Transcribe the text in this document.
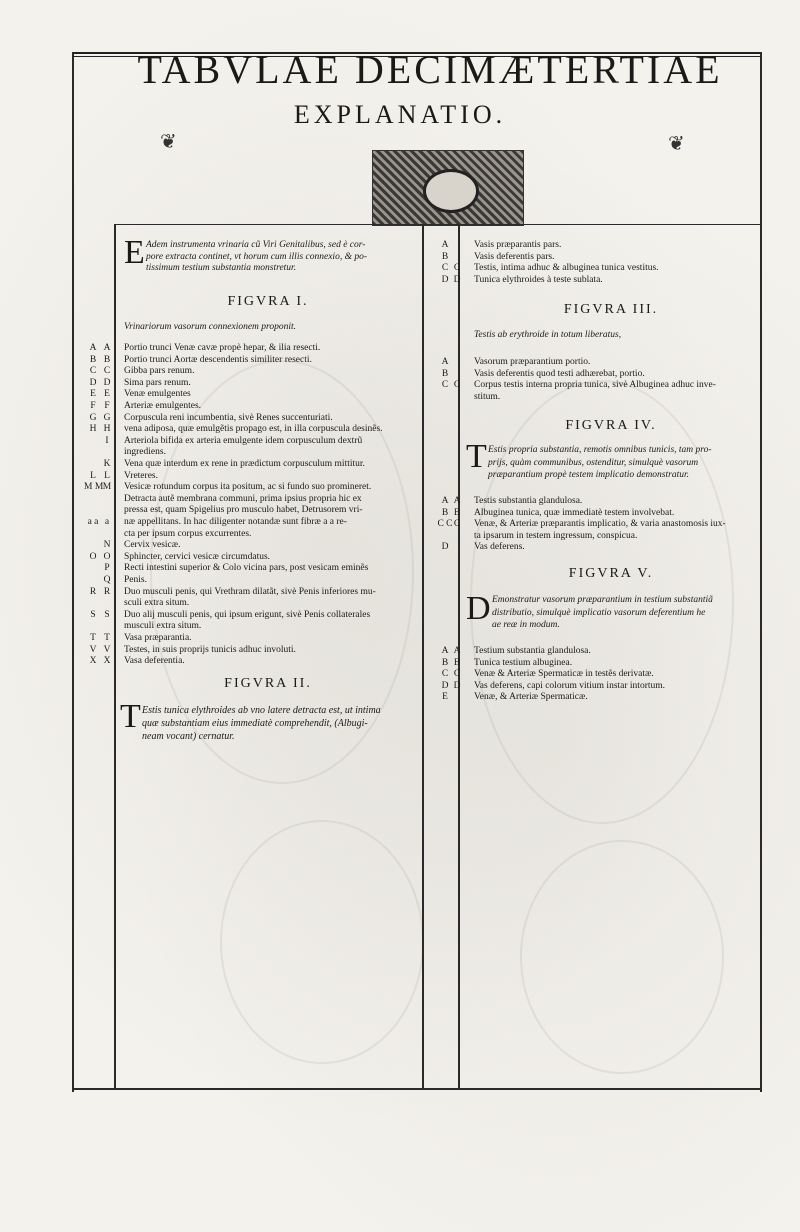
TABVLAE DECIMÆTERTIAE
EXPLANATIO.
❦	❦
E Adem instrumenta vrinaria cũ Viri Genitalibus, sed è cor-
pore extracta continet, vt horum cum illis connexio, & po-
tissimum testium substantia monstretur.
FIGVRA I.
Vrinariorum vasorum connexionem proponit.
A A	Portio trunci Venæ cavæ propè hepar, & ilia resecti.
B B	Portio trunci Aortæ descendentis similiter resecti.
C C	Gibba pars renum.
D D	Sima pars renum.
E E	Venæ emulgentes
F F	Arteriæ emulgentes.
G G	Corpuscula reni incumbentia, sivè Renes succenturiati.
H H	vena adiposa, quæ emulgẽtis propago est, in illa corpuscula desinẽs.
I	Arteriola bifida ex arteria emulgente idem corpusculum dextrũ
ingrediens.
K	Vena quæ interdum ex rene in prædictum corpusculum mittitur.
L L	Vreteres.
M M M Vesicæ rotundum corpus ita positum, ac si fundo suo promineret.
Detracta autẽ membrana communi, prima ipsius propria hic ex
pressa est, quam Spigelius pro musculo habet, Detrusorem vri-
a a a	næ appellitans. In hac diligenter notandæ sunt fibræ a a re-
cta per ipsum corpus excurrentes.
N	Cervix vesicæ.
O O	Sphincter, cervici vesicæ circumdatus.
P	Recti intestini superior & Colo vicina pars, post vesicam eminẽs
Q	Penis.
R R	Duo musculi penis, qui Vrethram dilatãt, sivè Penis inferiores mu-
sculi extra situm.
S S	Duo alij musculi penis, qui ipsum erigunt, sivè Penis collaterales
musculi extra situm.
T T	Vasa præparantia.
V V	Testes, in suis proprijs tunicis adhuc involuti.
X X	Vasa deferentia.
FIGVRA II.
T Estis tunica elythroides ab vno latere detracta est, ut intima
quæ substantiam eius immediatè comprehendit, (Albugi-
neam vocant) cernatur.
A	Vasis præparantis pars.
B	Vasis deferentis pars.
C C	Testis, intima adhuc & albuginea tunica vestitus.
D D	Tunica elythroides à teste sublata.
FIGVRA III.
Testis ab erythroide in totum liberatus,
A	Vasorum præparantium portio.
B	Vasis deferentis quod testi adhærebat, portio.
C C	Corpus testis interna propria tunica, sivè Albuginea adhuc inve-
stitum.
FIGVRA IV.
T Estis propria substantia, remotis omnibus tunicis, tam pro-
prijs, quàm communibus, ostenditur, simulquè vasorum
præparantium propè testem implicatio demonstratur.
A A	Testis substantia glandulosa.
B B	Albuginea tunica, quæ immediatè testem involvebat.
C C C	Venæ, & Arteriæ præparantis implicatio, & varia anastomosis iux-
ta ipsarum in testem ingressum, conspicua.
D	Vas deferens.
FIGVRA V.
D Emonstratur vasorum præparantium in testium substantiã
distributio, simulquè implicatio vasorum deferentium he
ae reæ in modum.
A A	Testium substantia glandulosa.
B B	Tunica testium albuginea.
C C	Venæ & Arteriæ Spermaticæ in testẽs derivatæ.
D D	Vas deferens, capi colorum vitium instar intortum.
E	Venæ, & Arteriæ Spermaticæ.
